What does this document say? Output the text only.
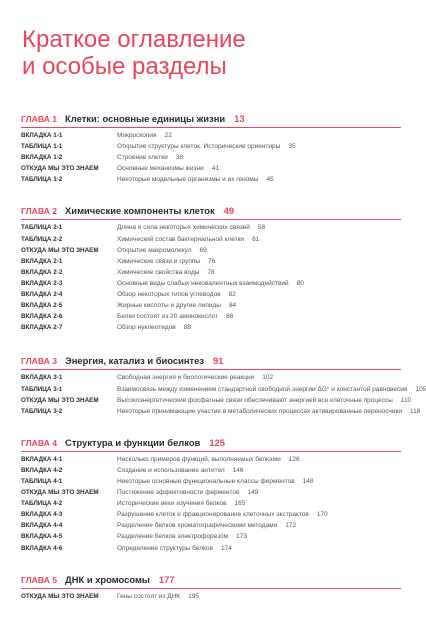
Краткое оглавление
и особые разделы
ГЛАВА 1 Клетки: основные единицы жизни 13
ВКЛАДКА 1-1	Микроскопия 22
ТАБЛИЦА 1-1	Открытие структуры клеток. Исторические ориентиры 35
ВКЛАДКА 1-2	Строение клетки 36
ОТКУДА МЫ ЭТО ЗНАЕМ	Основные механизмы жизни 41
ТАБЛИЦА 1-2	Некоторые модельные организмы и их геномы 45
ГЛАВА 2 Химические компоненты клеток 49
ТАБЛИЦА 2-1	Длина и сила некоторых химических связей 58
ТАБЛИЦА 2-2	Химический состав бактериальной клетки 61
ОТКУДА МЫ ЭТО ЗНАЕМ	Открытие макромолекул 69
ВКЛАДКА 2-1	Химические связи и группы 76
ВКЛАДКА 2-2	Химические свойства воды 78
ВКЛАДКА 2-3	Основные виды слабых нековалентных взаимодействий 80
ВКЛАДКА 2-4	Обзор некоторых типов углеводов 82
ВКЛАДКА 2-5	Жирные кислоты и другие липиды 84
ВКЛАДКА 2-6	Белки состоят из 20 аминокислот 86
ВКЛАДКА 2-7	Обзор нуклеотидов 88
ГЛАВА 3 Энергия, катализ и биосинтез 91
ВКЛАДКА 3-1	Свободная энергия и биологические реакции 102
ТАБЛИЦА 3-1	Взаимосвязь между изменением стандартной свободной энергии ΔG° и константой равновесия 105
ОТКУДА МЫ ЭТО ЗНАЕМ	Высокоэнергетические фосфатные связи обеспечивают энергией все клеточные процессы 110
ТАБЛИЦА 3-2	Некоторые принимающие участие в метаболических процессах активированные переносчики 118
ГЛАВА 4 Структура и функции белков 125
ВКЛАДКА 4-1	Несколько примеров функций, выполняемых белками 126
ВКЛАДКА 4-2	Создание и использование антител 146
ТАБЛИЦА 4-1	Некоторые основные функциональные классы ферментов 148
ОТКУДА МЫ ЭТО ЗНАЕМ	Постижение эффективности ферментов 149
ТАБЛИЦА 4-2	Исторические вехи изучения белков 165
ВКЛАДКА 4-3	Разрушение клеток и фракционирование клеточных экстрактов 170
ВКЛАДКА 4-4	Разделение белков хроматографическими методами 172
ВКЛАДКА 4-5	Разделение белков электрофорезом 173
ВКЛАДКА 4-6	Определение структуры белков 174
ГЛАВА 5 ДНК и хромосомы 177
ОТКУДА МЫ ЭТО ЗНАЕМ	Гены состоят из ДНК 195
